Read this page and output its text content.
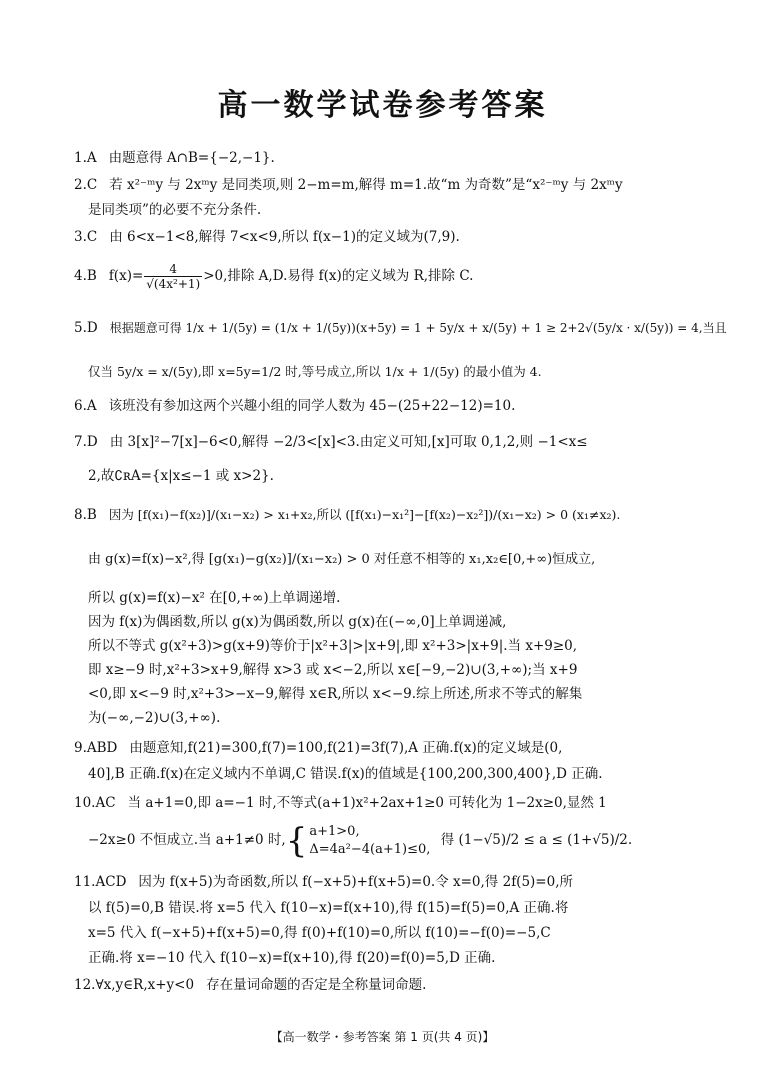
高一数学试卷参考答案
1.A 由题意得 A∩B={−2,−1}.
2.C 若 x²⁻ᵐy 与 2xᵐy 是同类项,则 2−m=m,解得 m=1.故“m 为奇数”是“x²⁻ᵐy 与 2xᵐy
是同类项”的必要不充分条件.
3.C 由 6<x−1<8,解得 7<x<9,所以 f(x−1)的定义域为(7,9).
4.B $f(x)= \frac{4}{\text{√(4x²+1)}} >0$,排除 A,D.易得 f(x)的定义域为 R,排除 C.
5.D 根据题意可得 1/x + 1/(5y) = (1/x + 1/(5y))(x+5y) = 1 + 5y/x + x/(5y) + 1 ≥ 2+2√(5y/x · x/(5y)) = 4,当且
仅当 5y/x = x/(5y),即 x=5y=1/2 时,等号成立,所以 1/x + 1/(5y) 的最小值为 4.
6.A 该班没有参加这两个兴趣小组的同学人数为 45−(25+22−12)=10.
7.D 由 3[x]²−7[x]−6<0,解得 −2/3<[x]<3.由定义可知,[x]可取 0,1,2,则 −1<x≤
2,故∁ʀA={x|x≤−1 或 x>2}.
8.B 因为 [f(x₁)−f(x₂)]/(x₁−x₂) > x₁+x₂,所以 ([f(x₁)−x₁²]−[f(x₂)−x₂²])/(x₁−x₂) > 0 (x₁≠x₂).
由 g(x)=f(x)−x²,得 [g(x₁)−g(x₂)]/(x₁−x₂) > 0 对任意不相等的 x₁,x₂∈[0,+∞)恒成立,
所以 g(x)=f(x)−x² 在[0,+∞)上单调递增.
因为 f(x)为偶函数,所以 g(x)为偶函数,所以 g(x)在(−∞,0]上单调递减,
所以不等式 g(x²+3)>g(x+9)等价于|x²+3|>|x+9|,即 x²+3>|x+9|.当 x+9≥0,
即 x≥−9 时,x²+3>x+9,解得 x>3 或 x<−2,所以 x∈[−9,−2)∪(3,+∞);当 x+9
<0,即 x<−9 时,x²+3>−x−9,解得 x∈R,所以 x<−9.综上所述,所求不等式的解集
为(−∞,−2)∪(3,+∞).
9.ABD 由题意知,f(21)=300,f(7)=100,f(21)=3f(7),A 正确.f(x)的定义域是(0,
40],B 正确.f(x)在定义域内不单调,C 错误.f(x)的值域是{100,200,300,400},D 正确.
10.AC 当 a+1=0,即 a=−1 时,不等式(a+1)x²+2ax+1≥0 可转化为 1−2x≥0,显然 1
−2x≥0 不恒成立.当 a+1≠0 时,{ a+1>0,
Δ=4a²−4(a+1)≤0,
得 (1−√5)/2 ≤ a ≤ (1+√5)/2.
11.ACD 因为 f(x+5)为奇函数,所以 f(−x+5)+f(x+5)=0.令 x=0,得 2f(5)=0,所
以 f(5)=0,B 错误.将 x=5 代入 f(10−x)=f(x+10),得 f(15)=f(5)=0,A 正确.将
x=5 代入 f(−x+5)+f(x+5)=0,得 f(0)+f(10)=0,所以 f(10)=−f(0)=−5,C
正确.将 x=−10 代入 f(10−x)=f(x+10),得 f(20)=f(0)=5,D 正确.
12.∀x,y∈R,x+y<0 存在量词命题的否定是全称量词命题.
【高一数学・参考答案 第 1 页(共 4 页)】
